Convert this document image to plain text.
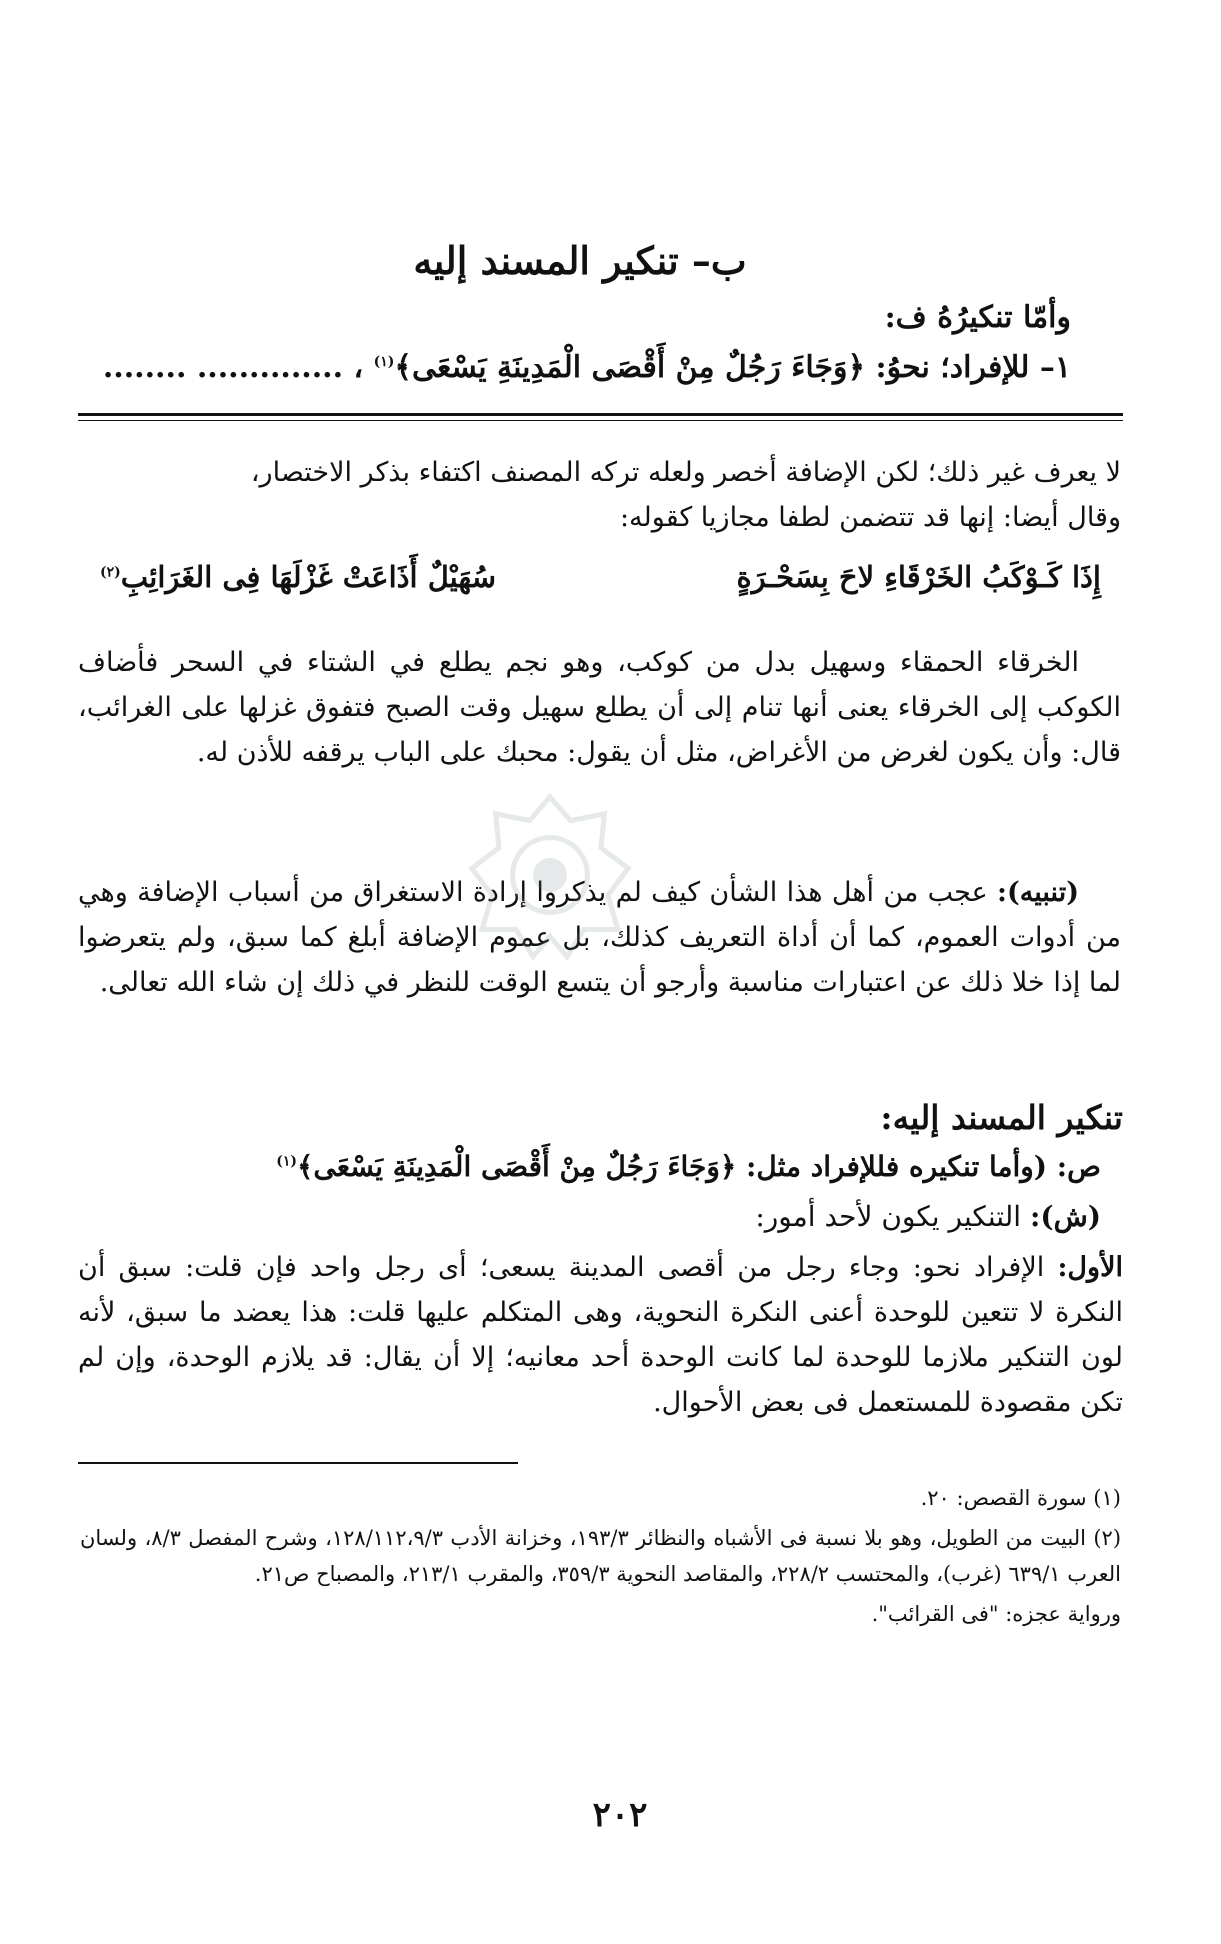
ب– تنكير المسند إليه
وأمّا تنكيرُهُ ف:
١– للإفراد؛ نحوُ: ﴿وَجَاءَ رَجُلٌ مِنْ أَقْصَى الْمَدِينَةِ يَسْعَى﴾$^{(١)}$ ، .............. ........

لا يعرف غير ذلك؛ لكن الإضافة أخصر ولعله تركه المصنف اكتفاء بذكر الاختصار،

وقال أيضا: إنها قد تتضمن لطفا مجازيا كقوله:

إِذَا كَـوْكَبُ الخَرْقَاءِ لاحَ بِسَحْـرَةٍ
سُهَيْلٌ أَذَاعَتْ غَزْلَهَا فِى الغَرَائِبِ$^{(٢)}$

الخرقاء الحمقاء وسهيل بدل من كوكب، وهو نجم يطلع في الشتاء في السحر فأضاف الكوكب إلى الخرقاء يعنى أنها تنام إلى أن يطلع سهيل وقت الصبح فتفوق غزلها على الغرائب، قال: وأن يكون لغرض من الأغراض، مثل أن يقول: محبك على الباب يرقفه للأذن له.

(تنبيه): عجب من أهل هذا الشأن كيف لم يذكروا إرادة الاستغراق من أسباب الإضافة وهي من أدوات العموم، كما أن أداة التعريف كذلك، بل عموم الإضافة أبلغ كما سبق، ولم يتعرضوا لما إذا خلا ذلك عن اعتبارات مناسبة وأرجو أن يتسع الوقت للنظر في ذلك إن شاء الله تعالى.

تنكير المسند إليه:
ص: (وأما تنكيره فللإفراد مثل: ﴿وَجَاءَ رَجُلٌ مِنْ أَقْصَى الْمَدِينَةِ يَسْعَى﴾$^{(١)}$
(ش): التنكير يكون لأحد أمور:

الأول: الإفراد نحو: وجاء رجل من أقصى المدينة يسعى؛ أى رجل واحد فإن قلت: سبق أن النكرة لا تتعين للوحدة أعنى النكرة النحوية، وهى المتكلم عليها قلت: هذا يعضد ما سبق، لأنه لون التنكير ملازما للوحدة لما كانت الوحدة أحد معانيه؛ إلا أن يقال: قد يلازم الوحدة، وإن لم تكن مقصودة للمستعمل فى بعض الأحوال.

(١) سورة القصص: ٢٠.

(٢) البيت من الطويل، وهو بلا نسبة فى الأشباه والنظائر ١٩٣/٣، وخزانة الأدب ١٢٨/١١٢،٩/٣، وشرح المفصل ٨/٣، ولسان العرب ٦٣٩/١ (غرب)، والمحتسب ٢٢٨/٢، والمقاصد النحوية ٣٥٩/٣، والمقرب ٢١٣/١، والمصباح ص٢١.

ورواية عجزه: "فى القرائب".

٢٠٢
